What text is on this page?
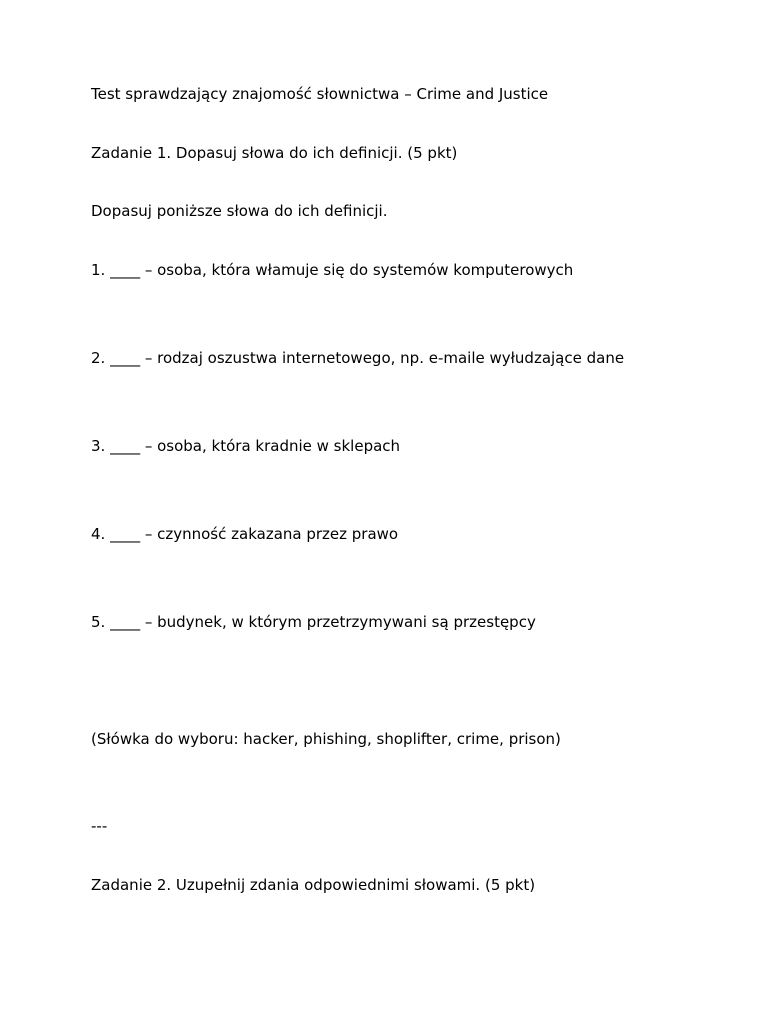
Test sprawdzający znajomość słownictwa – Crime and Justice

Zadanie 1. Dopasuj słowa do ich definicji. (5 pkt)

Dopasuj poniższe słowa do ich definicji.

1. ____ – osoba, która włamuje się do systemów komputerowych

2. ____ – rodzaj oszustwa internetowego, np. e-maile wyłudzające dane

3. ____ – osoba, która kradnie w sklepach

4. ____ – czynność zakazana przez prawo

5. ____ – budynek, w którym przetrzymywani są przestępcy

(Słówka do wyboru: hacker, phishing, shoplifter, crime, prison)

---

Zadanie 2. Uzupełnij zdania odpowiednimi słowami. (5 pkt)
